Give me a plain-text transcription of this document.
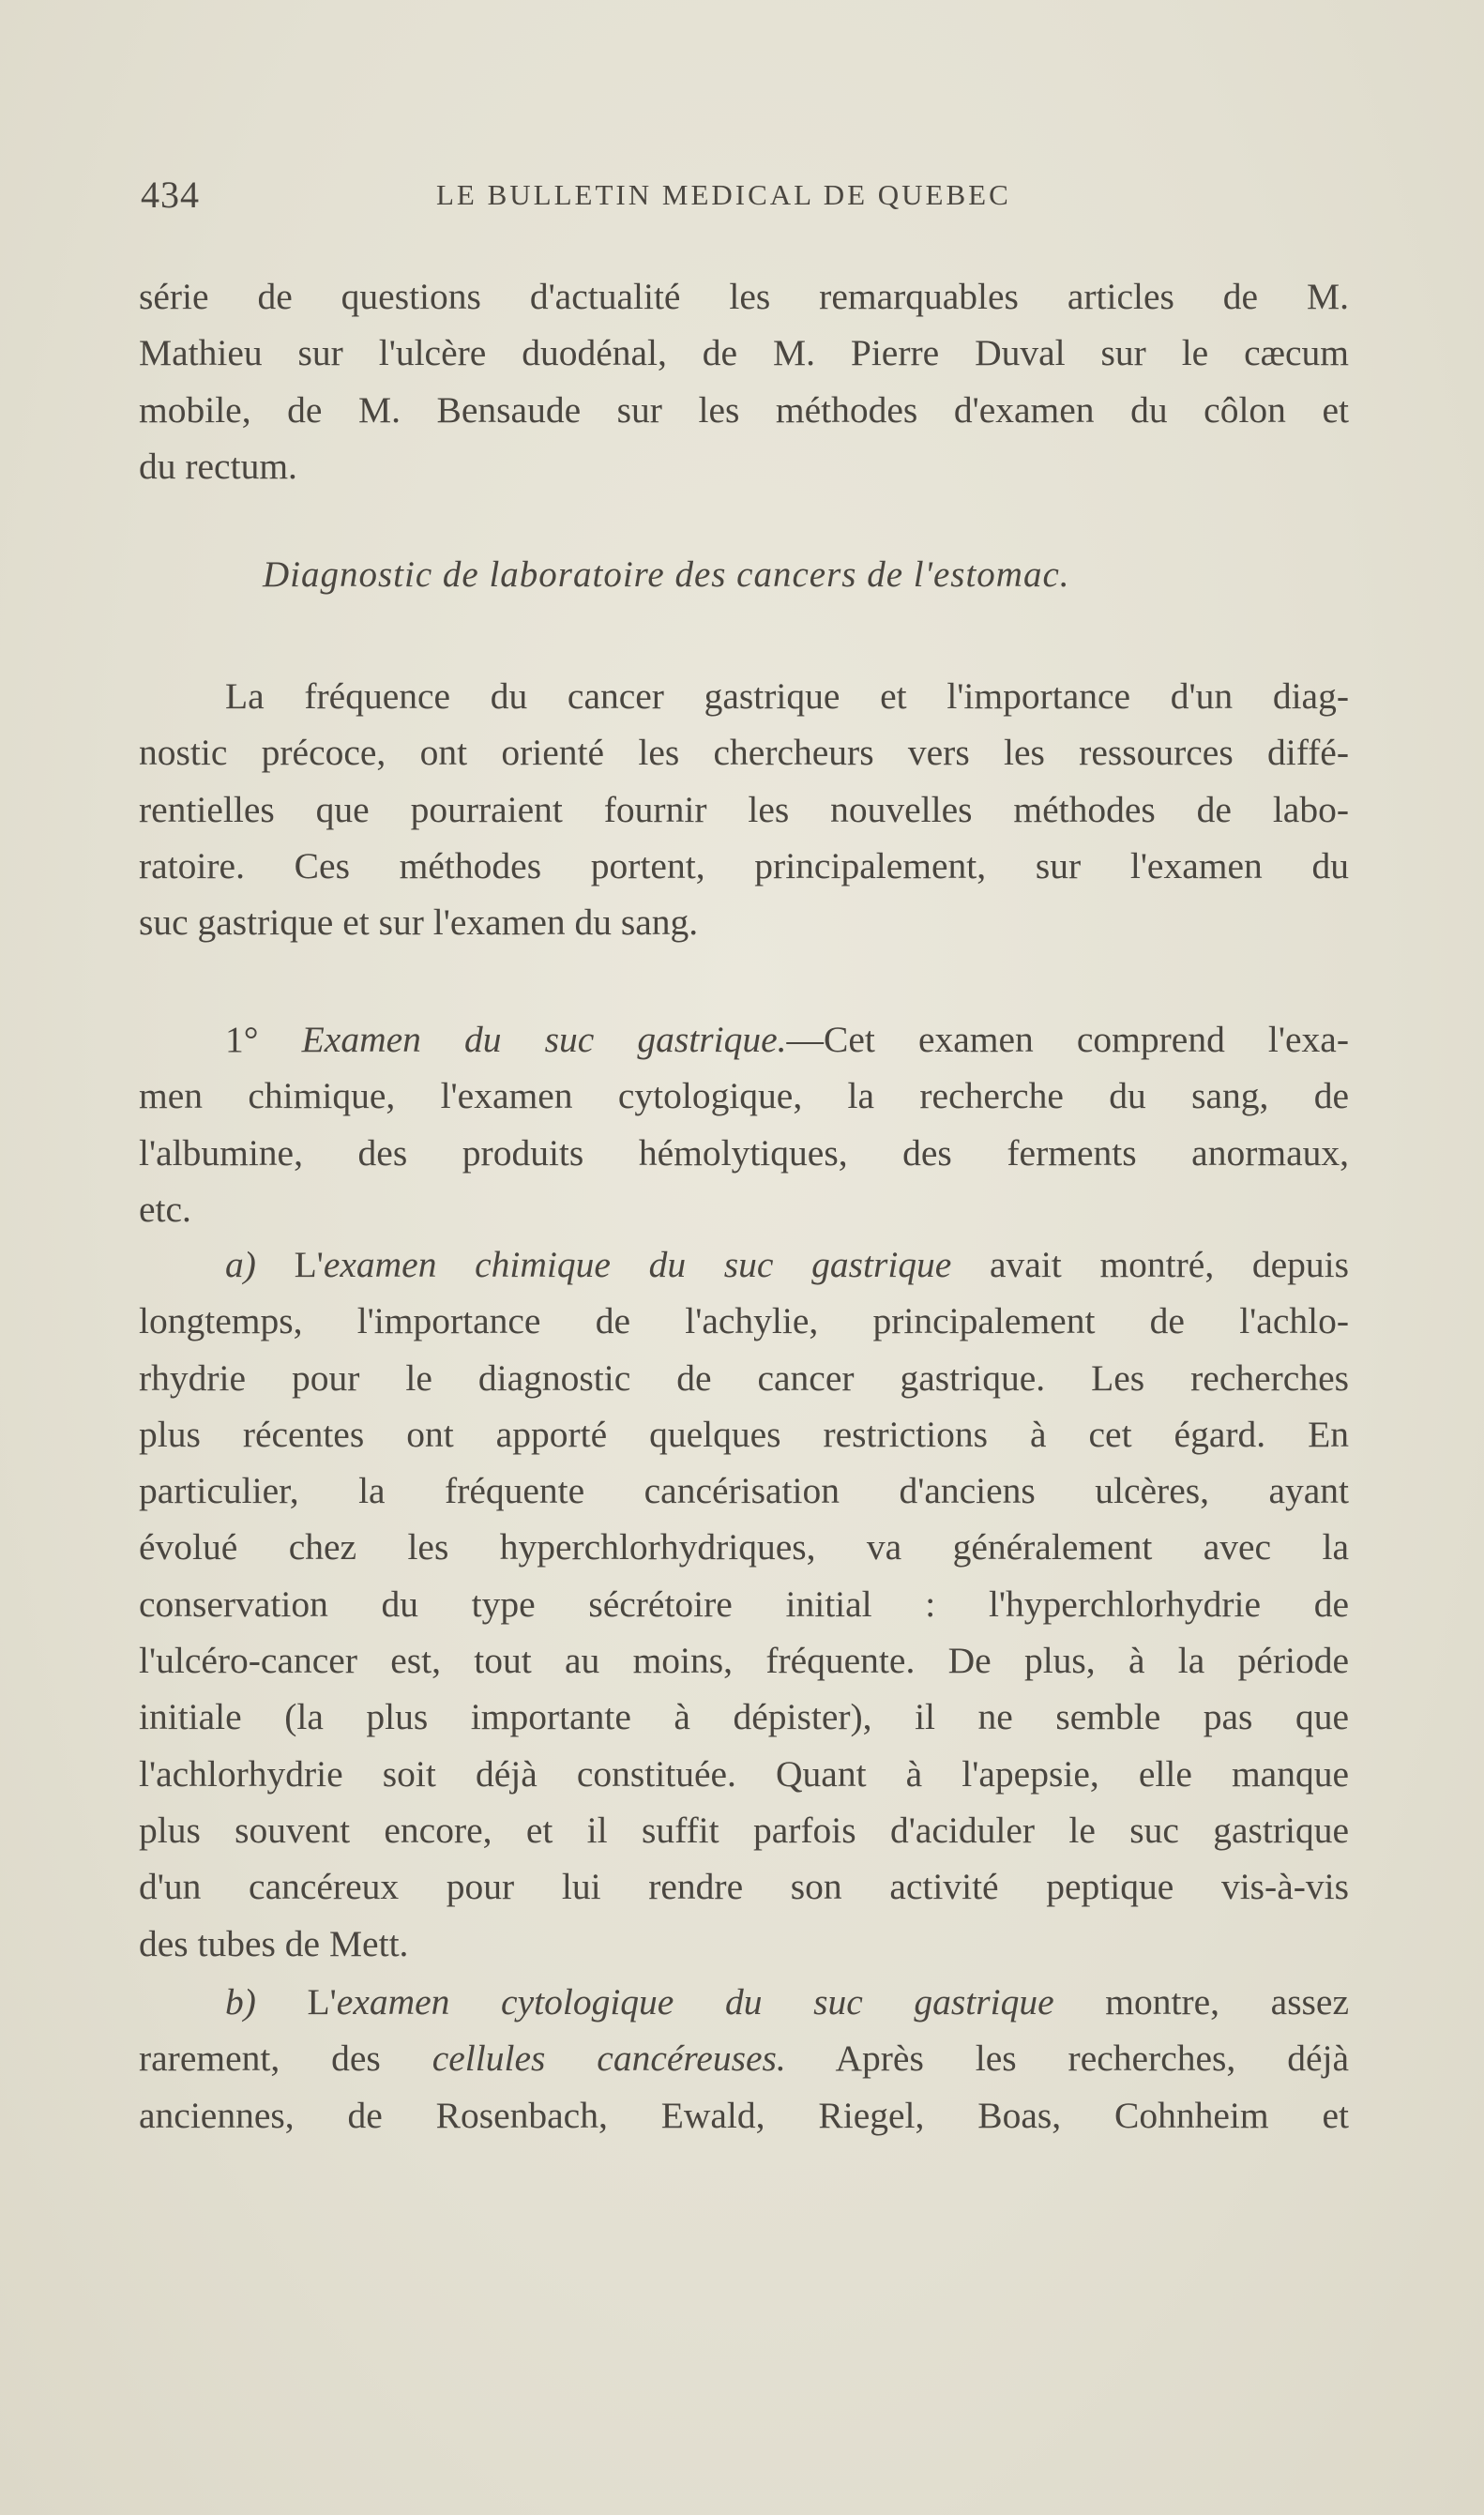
434	LE BULLETIN MEDICAL DE QUEBEC
série de questions d'actualité les remarquables articles de M.
Mathieu sur l'ulcère duodénal, de M. Pierre Duval sur le cæcum
mobile, de M. Bensaude sur les méthodes d'examen du côlon et
du rectum.
Diagnostic de laboratoire des cancers de l'estomac.
La fréquence du cancer gastrique et l'importance d'un diag-
nostic précoce, ont orienté les chercheurs vers les ressources diffé-
rentielles que pourraient fournir les nouvelles méthodes de labo-
ratoire. Ces méthodes portent, principalement, sur l'examen du
suc gastrique et sur l'examen du sang.
1° Examen du suc gastrique.—Cet examen comprend l'exa-
men chimique, l'examen cytologique, la recherche du sang, de
l'albumine, des produits hémolytiques, des ferments anormaux,
etc.
a) L'examen chimique du suc gastrique avait montré, depuis
longtemps, l'importance de l'achylie, principalement de l'achlo-
rhydrie pour le diagnostic de cancer gastrique. Les recherches
plus récentes ont apporté quelques restrictions à cet égard. En
particulier, la fréquente cancérisation d'anciens ulcères, ayant
évolué chez les hyperchlorhydriques, va généralement avec la
conservation du type sécrétoire initial : l'hyperchlorhydrie de
l'ulcéro-cancer est, tout au moins, fréquente. De plus, à la période
initiale (la plus importante à dépister), il ne semble pas que
l'achlorhydrie soit déjà constituée. Quant à l'apepsie, elle manque
plus souvent encore, et il suffit parfois d'aciduler le suc gastrique
d'un cancéreux pour lui rendre son activité peptique vis-à-vis
des tubes de Mett.
b) L'examen cytologique du suc gastrique montre, assez
rarement, des cellules cancéreuses. Après les recherches, déjà
anciennes, de Rosenbach, Ewald, Riegel, Boas, Cohnheim et
